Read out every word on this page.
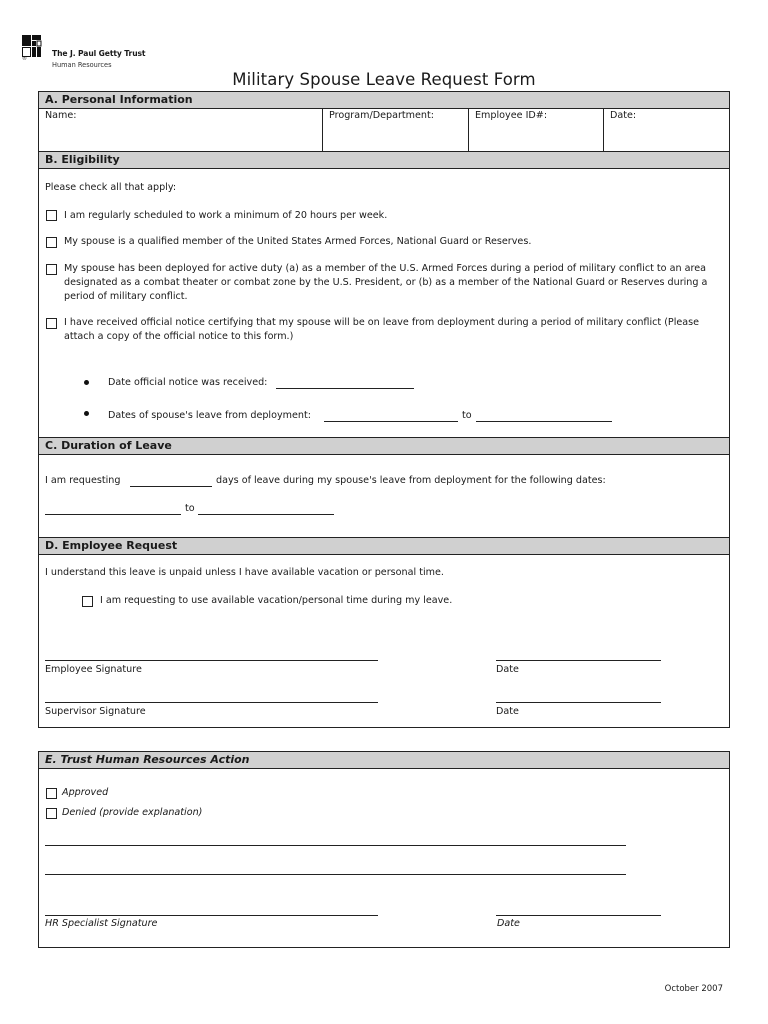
®
The J. Paul Getty Trust
Human Resources
Military Spouse Leave Request Form
A. Personal Information
Name:	Program/Department:	Employee ID#:	Date:
B. Eligibility
Please check all that apply:
I am regularly scheduled to work a minimum of 20 hours per week.
My spouse is a qualified member of the United States Armed Forces, National Guard or Reserves.
My spouse has been deployed for active duty (a) as a member of the U.S. Armed Forces during a period of military conflict to an area designated as a combat theater or combat zone by the U.S. President, or (b) as a member of the National Guard or Reserves during a period of military conflict.
I have received official notice certifying that my spouse will be on leave from deployment during a period of military conflict (Please attach a copy of the official notice to this form.)
Date official notice was received:
Dates of spouse's leave from deployment:	to
C. Duration of Leave
I am requesting	days of leave during my spouse's leave from deployment for the following dates:
to
D. Employee Request
I understand this leave is unpaid unless I have available vacation or personal time.
I am requesting to use available vacation/personal time during my leave.
Employee Signature	Date
Supervisor Signature	Date
E. Trust Human Resources Action
Approved
Denied (provide explanation)
HR Specialist Signature	Date
October 2007
